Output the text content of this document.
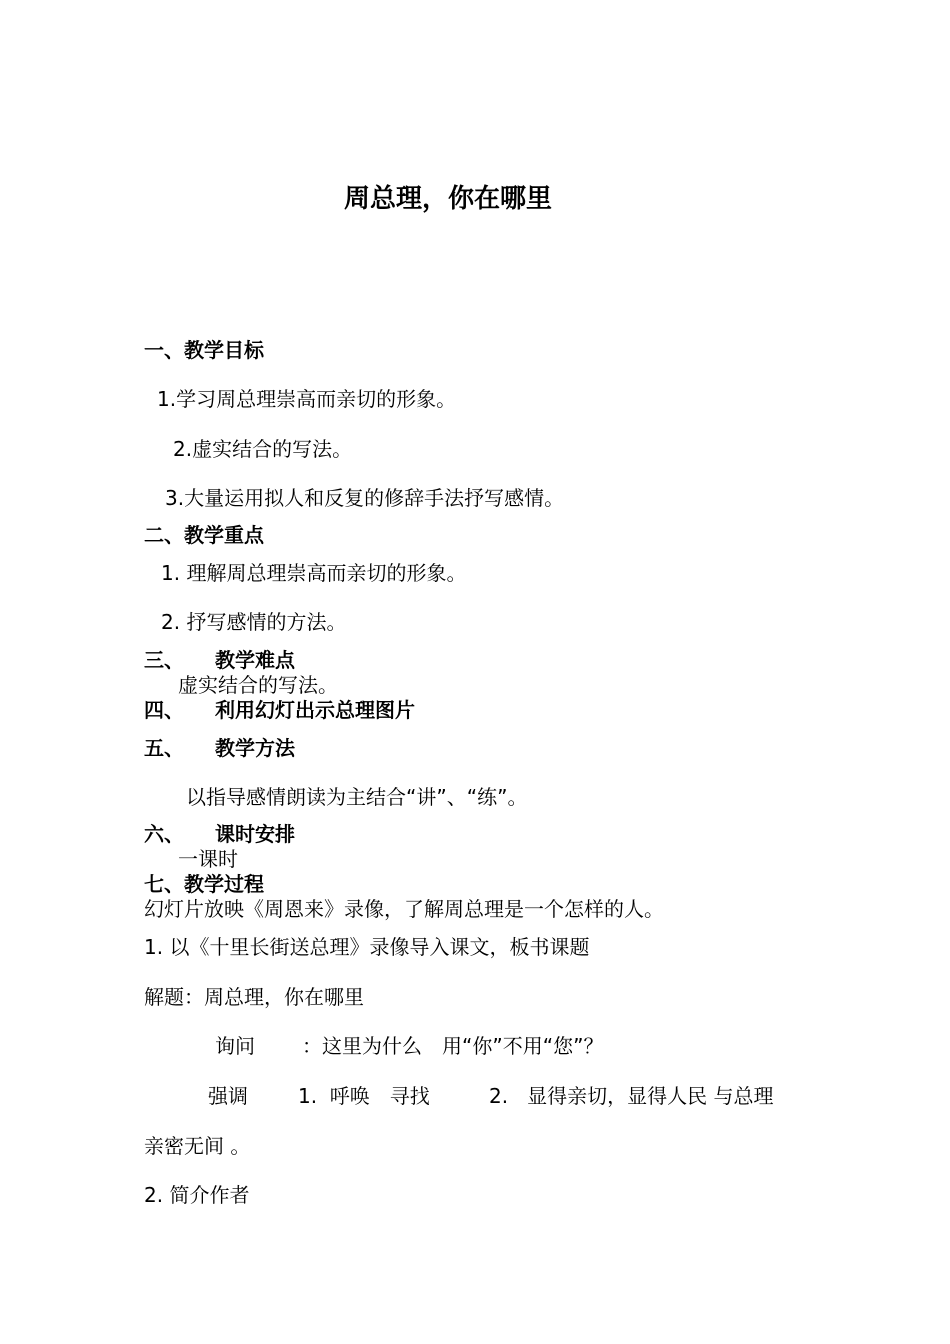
周总理，你在哪里
一、教学目标
1.学习周总理崇高而亲切的形象。
2.虚实结合的写法。
3.大量运用拟人和反复的修辞手法抒写感情。
二、教学重点
1. 理解周总理崇高而亲切的形象。
2. 抒写感情的方法。
三、 教学难点
虚实结合的写法。
四、 利用幻灯出示总理图片
五、 教学方法
以指导感情朗读为主结合“讲”、“练”。
六、 课时安排
一课时
七、教学过程
幻灯片放映《周恩来》录像，了解周总理是一个怎样的人。
1. 以《十里长街送总理》录像导入课文，板书课题
解题：周总理，你在哪里
询问 ：这里为什么　用“你”不用“您”？
强调	1.  呼唤　寻找	2.   显得亲切，显得人民 与总理
亲密无间 。
2. 简介作者
